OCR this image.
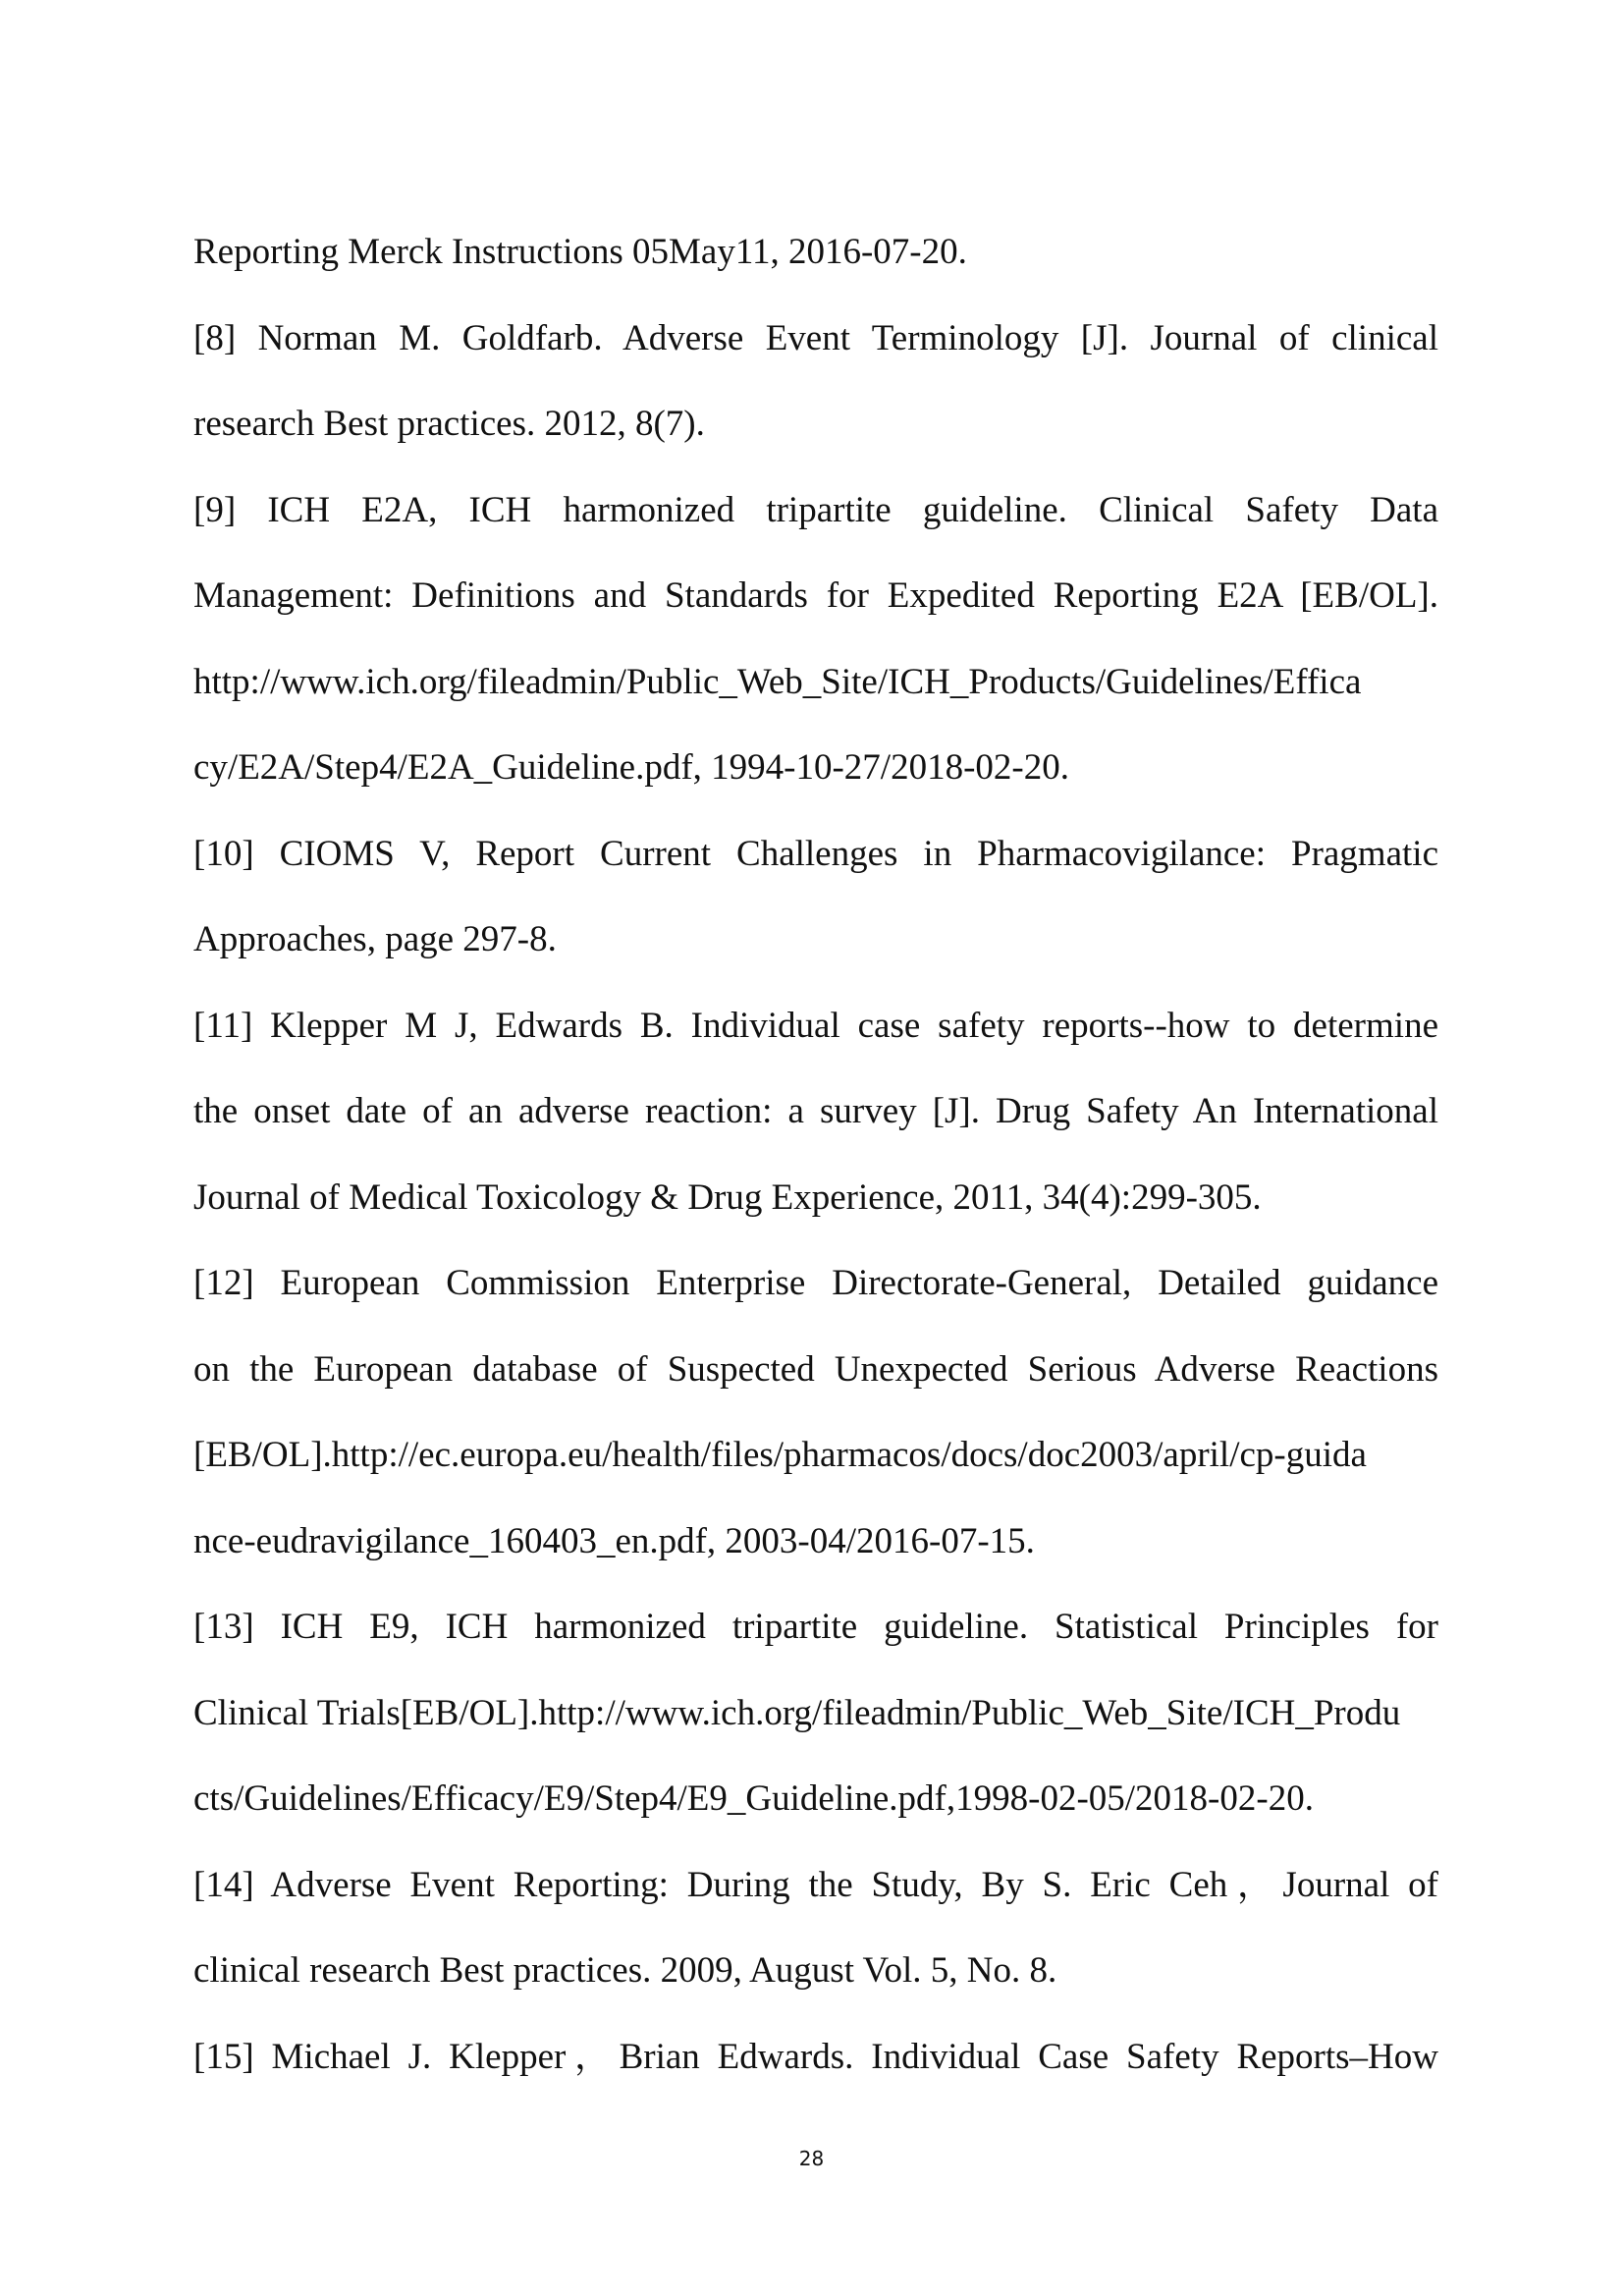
Reporting Merck Instructions 05May11, 2016-07-20.
[8] Norman M. Goldfarb. Adverse Event Terminology [J]. Journal of clinical
research Best practices. 2012, 8(7).
[9] ICH E2A, ICH harmonized tripartite guideline. Clinical Safety Data
Management: Definitions and Standards for Expedited Reporting E2A [EB/OL].
http://www.ich.org/fileadmin/Public_Web_Site/ICH_Products/Guidelines/Effica
cy/E2A/Step4/E2A_Guideline.pdf, 1994-10-27/2018-02-20.
[10] CIOMS V, Report Current Challenges in Pharmacovigilance: Pragmatic
Approaches, page 297-8.
[11] Klepper M J, Edwards B. Individual case safety reports--how to determine
the onset date of an adverse reaction: a survey [J]. Drug Safety An International
Journal of Medical Toxicology & Drug Experience, 2011, 34(4):299-305.
[12] European Commission Enterprise Directorate-General, Detailed guidance
on the European database of Suspected Unexpected Serious Adverse Reactions
[EB/OL].http://ec.europa.eu/health/files/pharmacos/docs/doc2003/april/cp-guida
nce-eudravigilance_160403_en.pdf, 2003-04/2016-07-15.
[13] ICH E9, ICH harmonized tripartite guideline. Statistical Principles for
Clinical Trials[EB/OL].http://www.ich.org/fileadmin/Public_Web_Site/ICH_Produ
cts/Guidelines/Efficacy/E9/Step4/E9_Guideline.pdf,1998-02-05/2018-02-20.
[14] Adverse Event Reporting: During the Study, By S. Eric Ceh，Journal of
clinical research Best practices. 2009, August Vol. 5, No. 8.
[15] Michael J. Klepper，Brian Edwards. Individual Case Safety Reports–How
28
